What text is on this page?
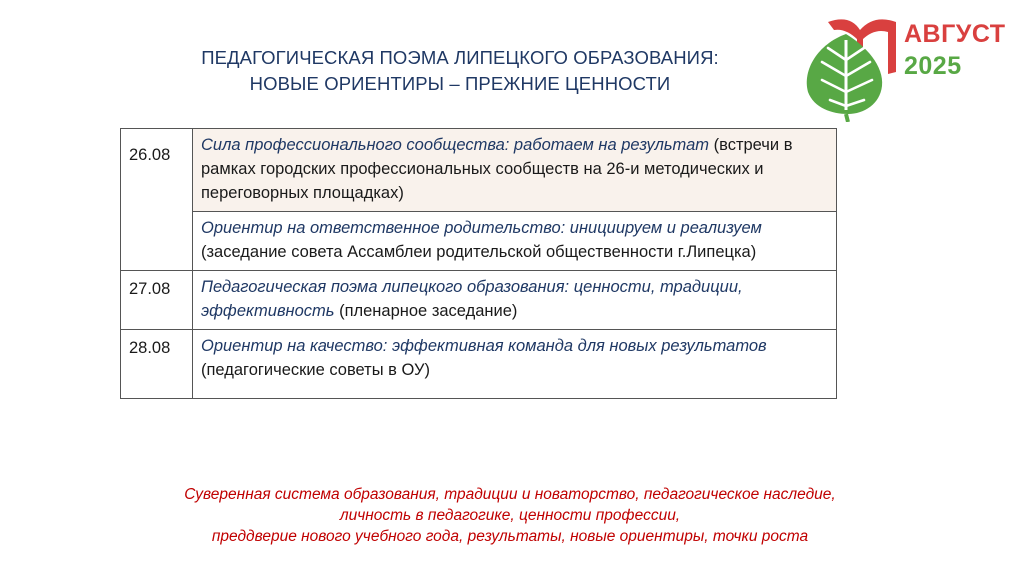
ПЕДАГОГИЧЕСКАЯ ПОЭМА ЛИПЕЦКОГО ОБРАЗОВАНИЯ:
НОВЫЕ ОРИЕНТИРЫ – ПРЕЖНИЕ ЦЕННОСТИ
АВГУСТ
2025
26.08	Сила профессионального сообщества: работаем на результат (встречи в рамках городских профессиональных сообществ на 26-и методических и переговорных площадках)
	Ориентир на ответственное родительство: инициируем и реализуем (заседание совета Ассамблеи родительской общественности г.Липецка)
27.08	Педагогическая поэма липецкого образования: ценности, традиции, эффективность (пленарное заседание)
28.08	Ориентир на качество: эффективная команда для новых результатов (педагогические советы в ОУ)
Суверенная система образования, традиции и новаторство, педагогическое наследие,
личность в педагогике, ценности профессии,
преддверие нового учебного года, результаты, новые ориентиры, точки роста
